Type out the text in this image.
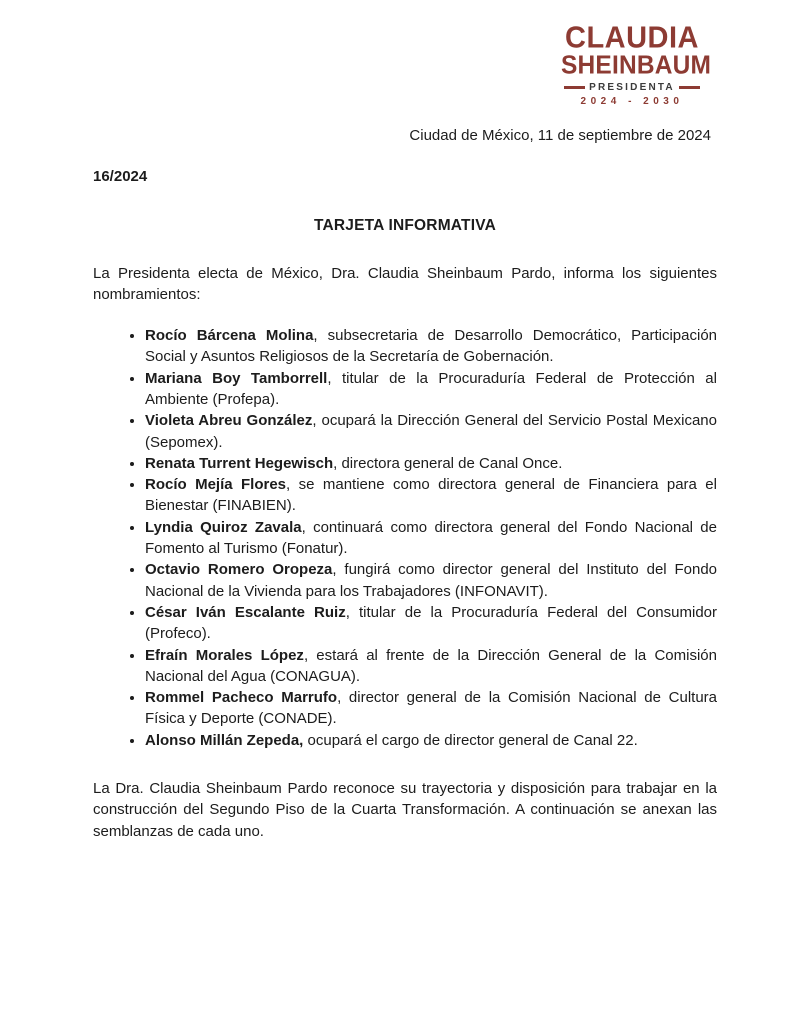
CLAUDIA
SHEINBAUM
PRESIDENTA
2024 - 2030
Ciudad de México, 11 de septiembre de 2024
16/2024
TARJETA INFORMATIVA

La Presidenta electa de México, Dra. Claudia Sheinbaum Pardo, informa los siguientes nombramientos:

• Rocío Bárcena Molina, subsecretaria de Desarrollo Democrático, Participación Social y Asuntos Religiosos de la Secretaría de Gobernación.
• Mariana Boy Tamborrell, titular de la Procuraduría Federal de Protección al Ambiente (Profepa).
• Violeta Abreu González, ocupará la Dirección General del Servicio Postal Mexicano (Sepomex).
• Renata Turrent Hegewisch, directora general de Canal Once.
• Rocío Mejía Flores, se mantiene como directora general de Financiera para el Bienestar (FINABIEN).
• Lyndia Quiroz Zavala, continuará como directora general del Fondo Nacional de Fomento al Turismo (Fonatur).
• Octavio Romero Oropeza, fungirá como director general del Instituto del Fondo Nacional de la Vivienda para los Trabajadores (INFONAVIT).
• César Iván Escalante Ruiz, titular de la Procuraduría Federal del Consumidor (Profeco).
• Efraín Morales López, estará al frente de la Dirección General de la Comisión Nacional del Agua (CONAGUA).
• Rommel Pacheco Marrufo, director general de la Comisión Nacional de Cultura Física y Deporte (CONADE).
• Alonso Millán Zepeda, ocupará el cargo de director general de Canal 22.

La Dra. Claudia Sheinbaum Pardo reconoce su trayectoria y disposición para trabajar en la construcción del Segundo Piso de la Cuarta Transformación. A continuación se anexan las semblanzas de cada uno.
